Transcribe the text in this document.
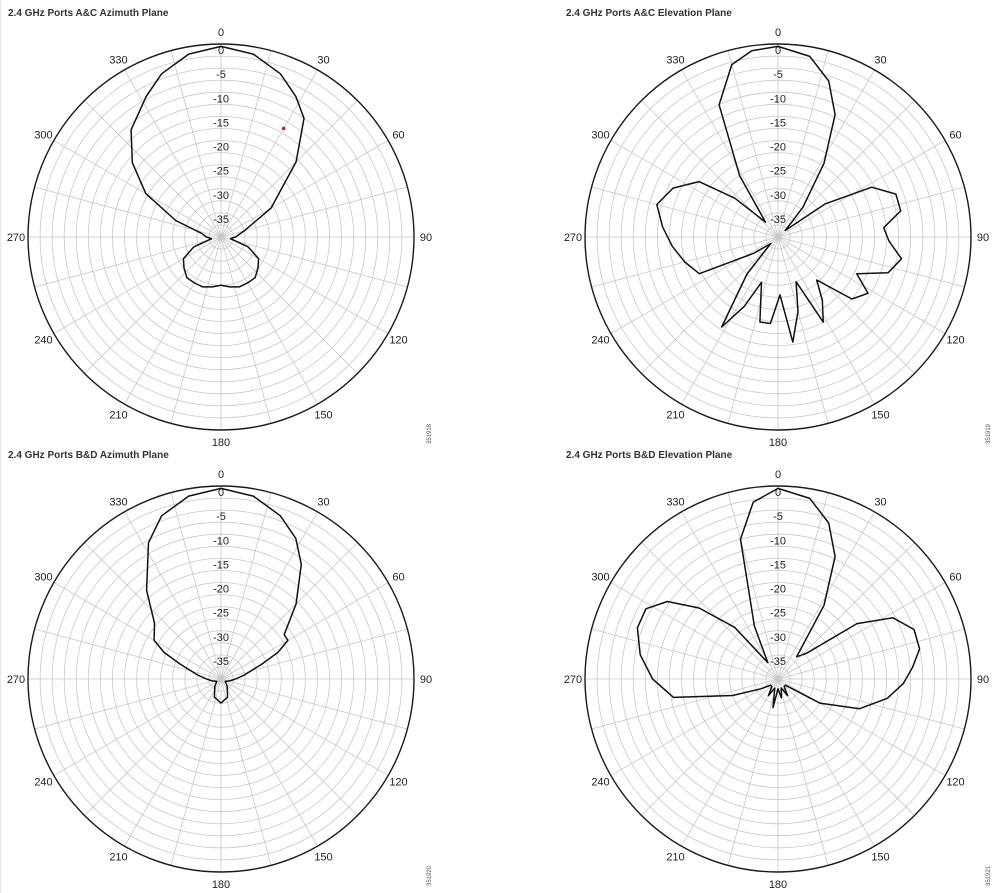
2.4 GHz Ports A&C Azimuth Plane
0
30
60
90
120
150
180
210
240
270
300
330
0
-5
-10
-15
-20
-25
-30
-35
351918
2.4 GHz Ports A&C Elevation Plane
0
30
60
90
120
150
180
210
240
270
300
330
0
-5
-10
-15
-20
-25
-30
-35
351919
2.4 GHz Ports B&D Azimuth Plane
0
30
60
90
120
150
180
210
240
270
300
330
0
-5
-10
-15
-20
-25
-30
-35
351920
2.4 GHz Ports B&D Elevation Plane
0
30
60
90
120
150
180
210
240
270
300
330
0
-5
-10
-15
-20
-25
-30
-35
351921
